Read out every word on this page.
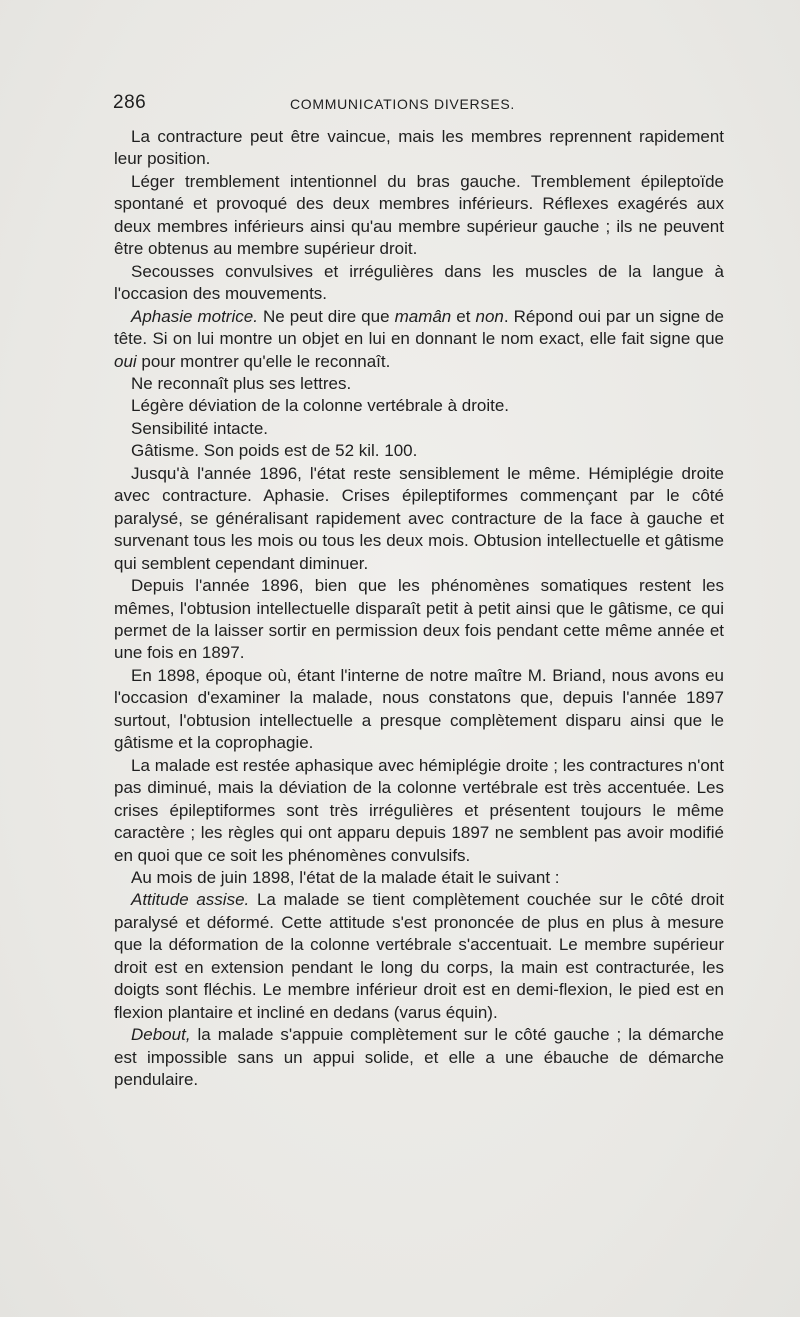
286	COMMUNICATIONS DIVERSES.

La contracture peut être vaincue, mais les membres reprennent rapidement leur position.

Léger tremblement intentionnel du bras gauche. Tremblement épileptoïde spontané et provoqué des deux membres inférieurs. Réflexes exagérés aux deux membres inférieurs ainsi qu'au membre supérieur gauche ; ils ne peuvent être obtenus au membre supérieur droit.

Secousses convulsives et irrégulières dans les muscles de la langue à l'occasion des mouvements.

Aphasie motrice. Ne peut dire que mamân et non. Répond oui par un signe de tête. Si on lui montre un objet en lui en donnant le nom exact, elle fait signe que oui pour montrer qu'elle le reconnaît.

Ne reconnaît plus ses lettres.

Légère déviation de la colonne vertébrale à droite.

Sensibilité intacte.

Gâtisme. Son poids est de 52 kil. 100.

Jusqu'à l'année 1896, l'état reste sensiblement le même. Hémiplégie droite avec contracture. Aphasie. Crises épileptiformes commençant par le côté paralysé, se généralisant rapidement avec contracture de la face à gauche et survenant tous les mois ou tous les deux mois. Obtusion intellectuelle et gâtisme qui semblent cependant diminuer.

Depuis l'année 1896, bien que les phénomènes somatiques restent les mêmes, l'obtusion intellectuelle disparaît petit à petit ainsi que le gâtisme, ce qui permet de la laisser sortir en permission deux fois pendant cette même année et une fois en 1897.

En 1898, époque où, étant l'interne de notre maître M. Briand, nous avons eu l'occasion d'examiner la malade, nous constatons que, depuis l'année 1897 surtout, l'obtusion intellectuelle a presque complètement disparu ainsi que le gâtisme et la coprophagie.

La malade est restée aphasique avec hémiplégie droite ; les contractures n'ont pas diminué, mais la déviation de la colonne vertébrale est très accentuée. Les crises épileptiformes sont très irrégulières et présentent toujours le même caractère ; les règles qui ont apparu depuis 1897 ne semblent pas avoir modifié en quoi que ce soit les phénomènes convulsifs.

Au mois de juin 1898, l'état de la malade était le suivant :

Attitude assise. La malade se tient complètement couchée sur le côté droit paralysé et déformé. Cette attitude s'est prononcée de plus en plus à mesure que la déformation de la colonne vertébrale s'accentuait. Le membre supérieur droit est en extension pendant le long du corps, la main est contracturée, les doigts sont fléchis. Le membre inférieur droit est en demi-flexion, le pied est en flexion plantaire et incliné en dedans (varus équin).

Debout, la malade s'appuie complètement sur le côté gauche ; la démarche est impossible sans un appui solide, et elle a une ébauche de démarche pendulaire.
